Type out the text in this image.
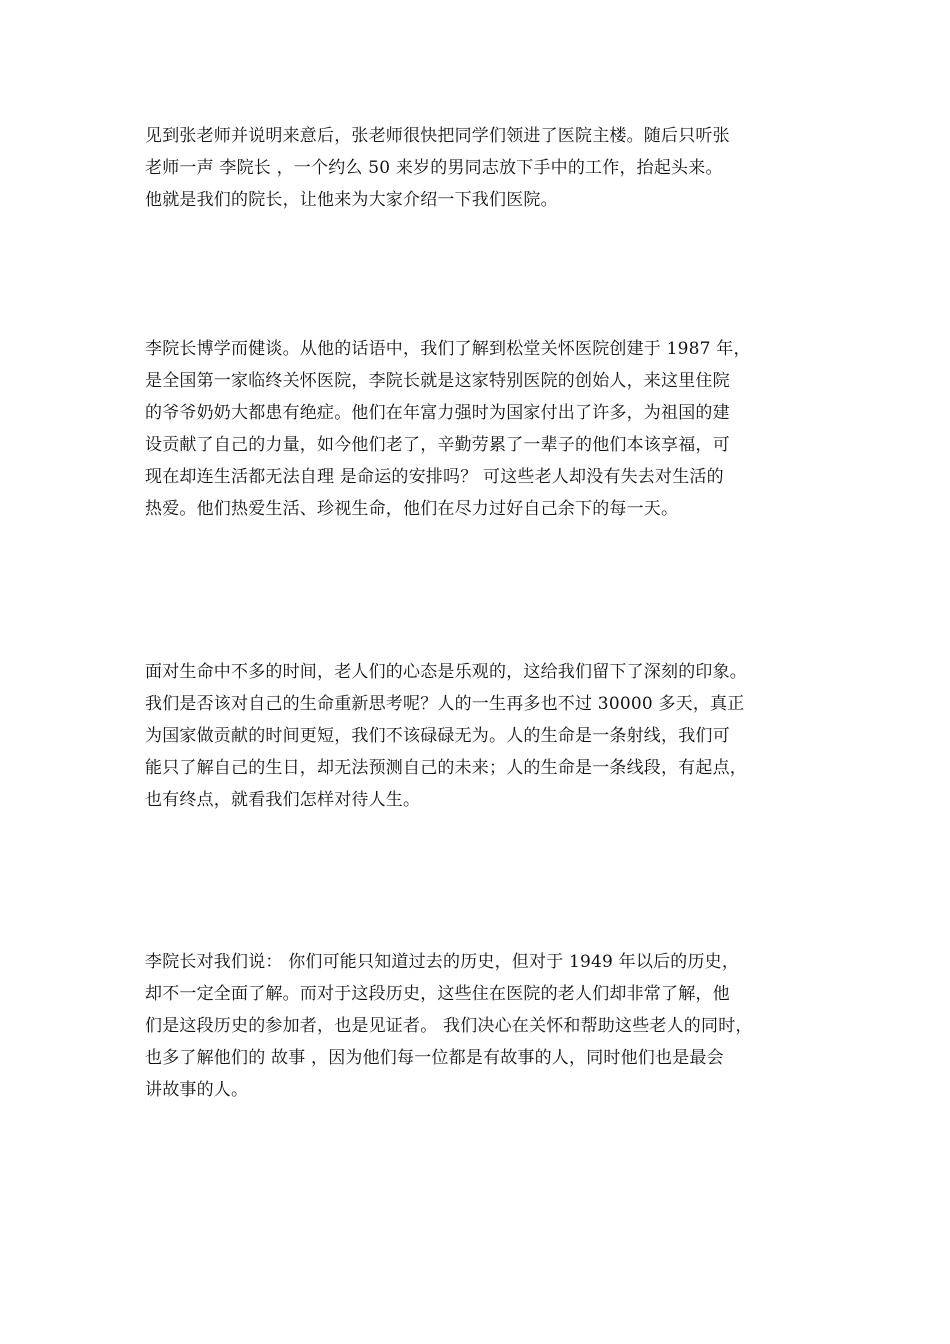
见到张老师并说明来意后，张老师很快把同学们领进了医院主楼。随后只听张
老师一声 李院长 ，一个约么 50 来岁的男同志放下手中的工作，抬起头来。
他就是我们的院长，让他来为大家介绍一下我们医院。
李院长博学而健谈。从他的话语中，我们了解到松堂关怀医院创建于 1987 年，
是全国第一家临终关怀医院，李院长就是这家特别医院的创始人，来这里住院
的爷爷奶奶大都患有绝症。他们在年富力强时为国家付出了许多，为祖国的建
设贡献了自己的力量，如今他们老了，辛勤劳累了一辈子的他们本该享福，可
现在却连生活都无法自理 是命运的安排吗？ 可这些老人却没有失去对生活的
热爱。他们热爱生活、珍视生命，他们在尽力过好自己余下的每一天。
面对生命中不多的时间，老人们的心态是乐观的，这给我们留下了深刻的印象。
我们是否该对自己的生命重新思考呢？人的一生再多也不过 30000 多天，真正
为国家做贡献的时间更短，我们不该碌碌无为。人的生命是一条射线，我们可
能只了解自己的生日，却无法预测自己的未来；人的生命是一条线段，有起点，
也有终点，就看我们怎样对待人生。
李院长对我们说： 你们可能只知道过去的历史，但对于 1949 年以后的历史，
却不一定全面了解。而对于这段历史，这些住在医院的老人们却非常了解，他
们是这段历史的参加者，也是见证者。 我们决心在关怀和帮助这些老人的同时，
也多了解他们的 故事 ，因为他们每一位都是有故事的人，同时他们也是最会
讲故事的人。
